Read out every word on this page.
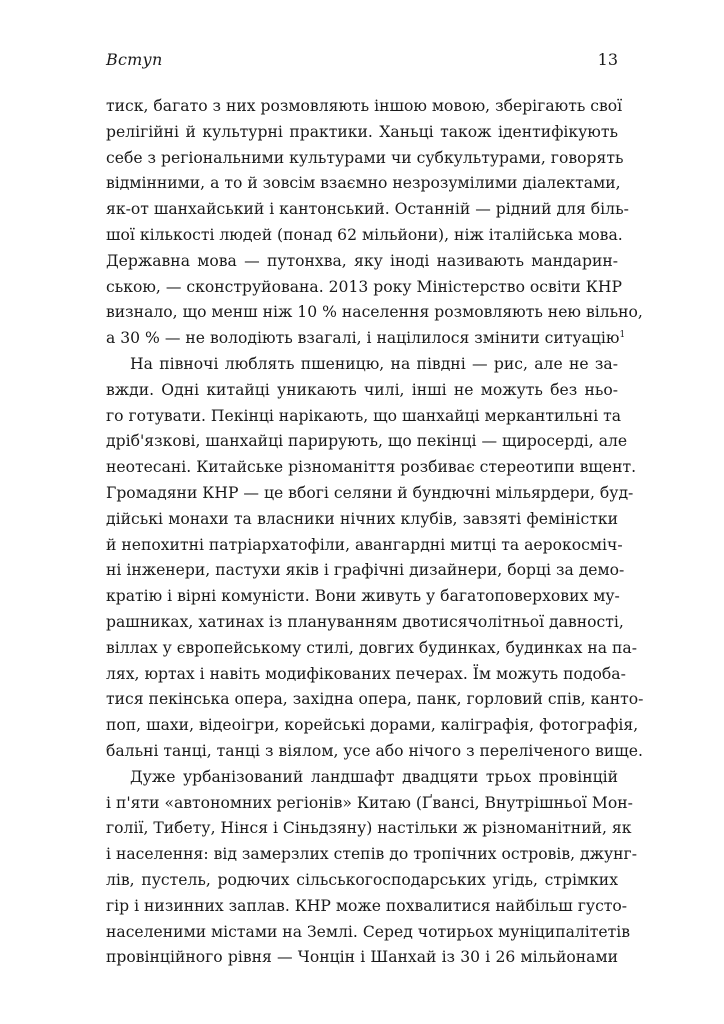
Вступ	13
тиск, багато з них розмовляють іншою мовою, зберігають свої
релігійні й культурні практики. Ханьці також ідентифікують
себе з регіональними культурами чи субкультурами, говорять
відмінними, а то й зовсім взаємно незрозумілими діалектами,
як-от шанхайський і кантонський. Останній — рідний для біль-
шої кількості людей (понад 62 мільйони), ніж італійська мова.
Державна мова — путонхва, яку іноді називають мандарин-
ською, — сконструйована. 2013 року Міністерство освіти КНР
визнало, що менш ніж 10 % населення розмовляють нею вільно,
а 30 % — не володіють взагалі, і націлилося змінити ситуацію$^1$
На півночі люблять пшеницю, на півдні — рис, але не за-
вжди. Одні китайці уникають чилі, інші не можуть без ньо-
го готувати. Пекінці нарікають, що шанхайці меркантильні та
дріб'язкові, шанхайці парирують, що пекінці — щиросерді, але
неотесані. Китайське різноманіття розбиває стереотипи вщент.
Громадяни КНР — це вбогі селяни й бундючні мільярдери, буд-
дійські монахи та власники нічних клубів, завзяті феміністки
й непохитні патріархатофіли, авангардні митці та аерокосміч-
ні інженери, пастухи яків і графічні дизайнери, борці за демо-
кратію і вірні комуністи. Вони живуть у багатоповерхових му-
рашниках, хатинах із плануванням двотисячолітньої давності,
віллах у європейському стилі, довгих будинках, будинках на па-
лях, юртах і навіть модифікованих печерах. Їм можуть подоба-
тися пекінська опера, західна опера, панк, горловий спів, канто-
поп, шахи, відеоігри, корейські дорами, каліграфія, фотографія,
бальні танці, танці з віялом, усе або нічого з переліченого вище.
Дуже урбанізований ландшафт двадцяти трьох провінцій
і п'яти «автономних регіонів» Китаю (Ґвансі, Внутрішньої Мон-
голії, Тибету, Нінся і Сіньдзяну) настільки ж різноманітний, як
і населення: від замерзлих степів до тропічних островів, джунг-
лів, пустель, родючих сільськогосподарських угідь, стрімких
гір і низинних заплав. КНР може похвалитися найбільш густо-
населеними містами на Землі. Серед чотирьох муніципалітетів
провінційного рівня — Чонцін і Шанхай із 30 і 26 мільйонами
